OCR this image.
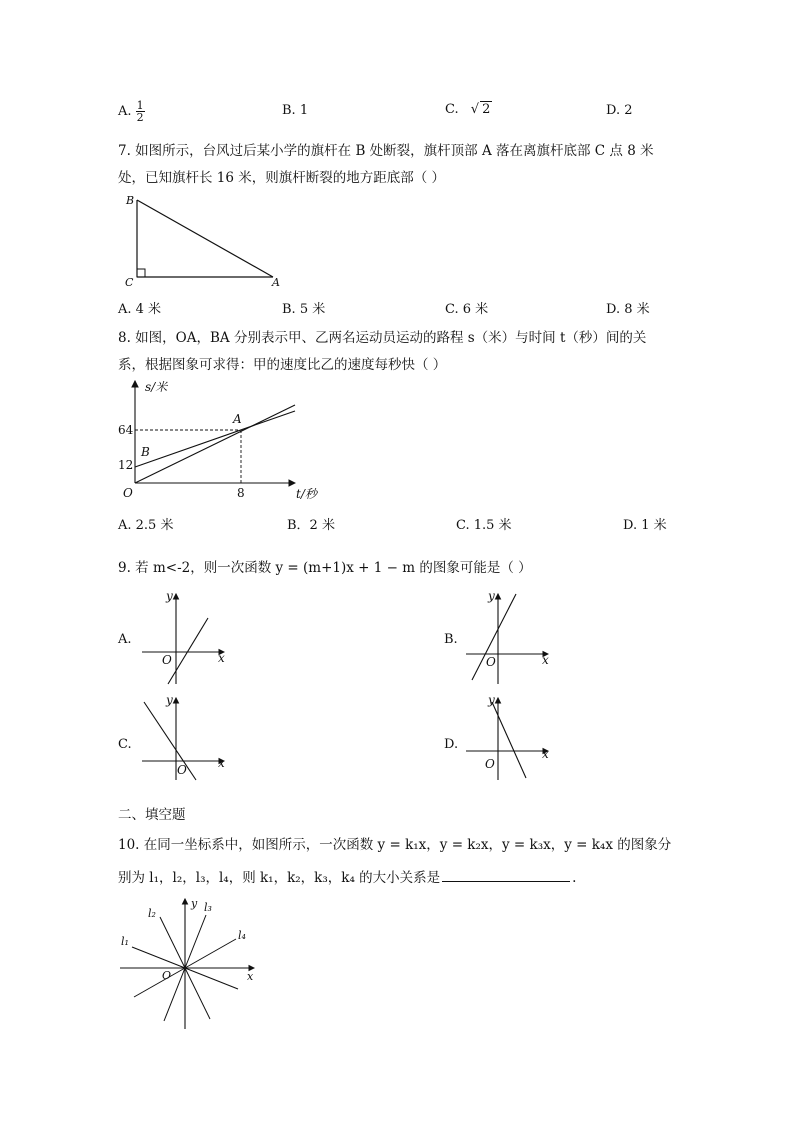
A. $\frac{1}{2}$	B. 1	C. √ 2	D. 2
7. 如图所示，台风过后某小学的旗杆在 B 处断裂，旗杆顶部 A 落在离旗杆底部 C 点 8 米
处，已知旗杆长 16 米，则旗杆断裂的地方距底部（ ）
B
C	A
A. 4 米	B. 5 米	C. 6 米	D. 8 米
8. 如图，OA，BA 分别表示甲、乙两名运动员运动的路程 s（米）与时间 t（秒）间的关
系，根据图象可求得：甲的速度比乙的速度每秒快（ ）
s/米
t/秒
64
12
8
O
A
B
A. 2.5 米	B．2 米	C. 1.5 米	D. 1 米
9. 若 m<-2，则一次函数 y = (m+1)x + 1 − m 的图象可能是（ ）
A.
y
x
O
B.
y
x
O
C.
y
x
O
D.
y
x
O
二、填空题
10. 在同一坐标系中，如图所示，一次函数 y = k₁x，y = k₂x，y = k₃x，y = k₄x 的图象分
别为 l₁，l₂，l₃，l₄，则 k₁，k₂，k₃，k₄ 的大小关系是	.
l₁
l₂	l₃
l₄
y
x
O
